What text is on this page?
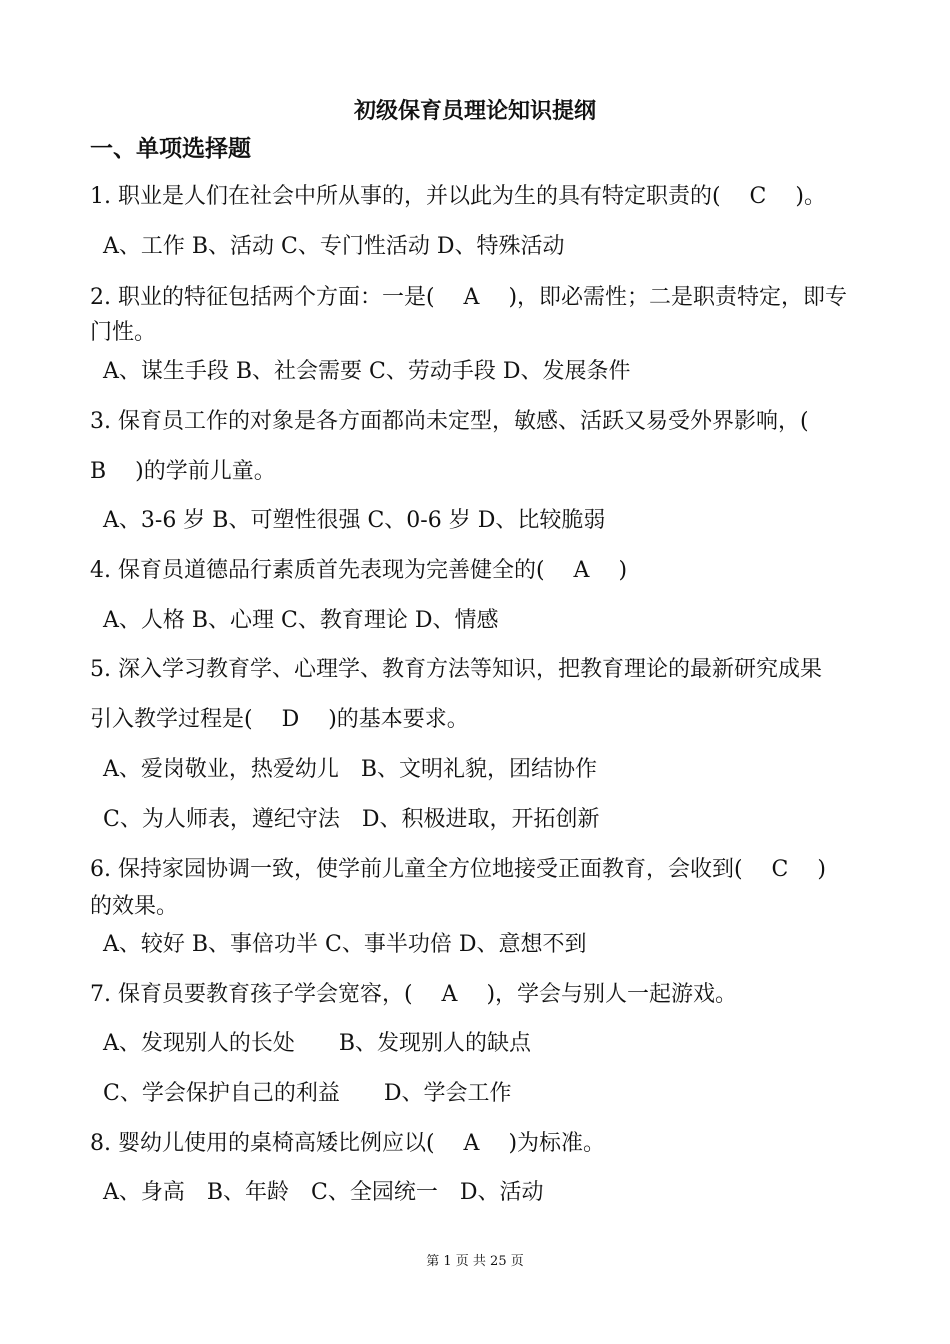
初级保育员理论知识提纲
一、单项选择题
1. 职业是人们在社会中所从事的，并以此为生的具有特定职责的(　 C　 )。
A、工作 B、活动 C、专门性活动 D、特殊活动
2. 职业的特征包括两个方面：一是(　 A　 )，即必需性；二是职责特定，即专
门性。
A、谋生手段 B、社会需要 C、劳动手段 D、发展条件
3. 保育员工作的对象是各方面都尚未定型，敏感、活跃又易受外界影响，(
B　 )的学前儿童。
A、3-6 岁 B、可塑性很强 C、0-6 岁 D、比较脆弱
4. 保育员道德品行素质首先表现为完善健全的(　 A　 )
A、人格 B、心理 C、教育理论 D、情感
5. 深入学习教育学、心理学、教育方法等知识，把教育理论的最新研究成果
引入教学过程是(　 D　 )的基本要求。
A、爱岗敬业，热爱幼儿　B、文明礼貌，团结协作
C、为人师表，遵纪守法　D、积极进取，开拓创新
6. 保持家园协调一致，使学前儿童全方位地接受正面教育，会收到(　 C　 )
的效果。
A、较好 B、事倍功半 C、事半功倍 D、意想不到
7. 保育员要教育孩子学会宽容，(　 A　 )，学会与别人一起游戏。
A、发现别人的长处　　B、发现别人的缺点
C、学会保护自己的利益　　D、学会工作
8. 婴幼儿使用的桌椅高矮比例应以(　 A　 )为标准。
A、身高　B、年龄　C、全园统一　D、活动
第 1 页 共 25 页
